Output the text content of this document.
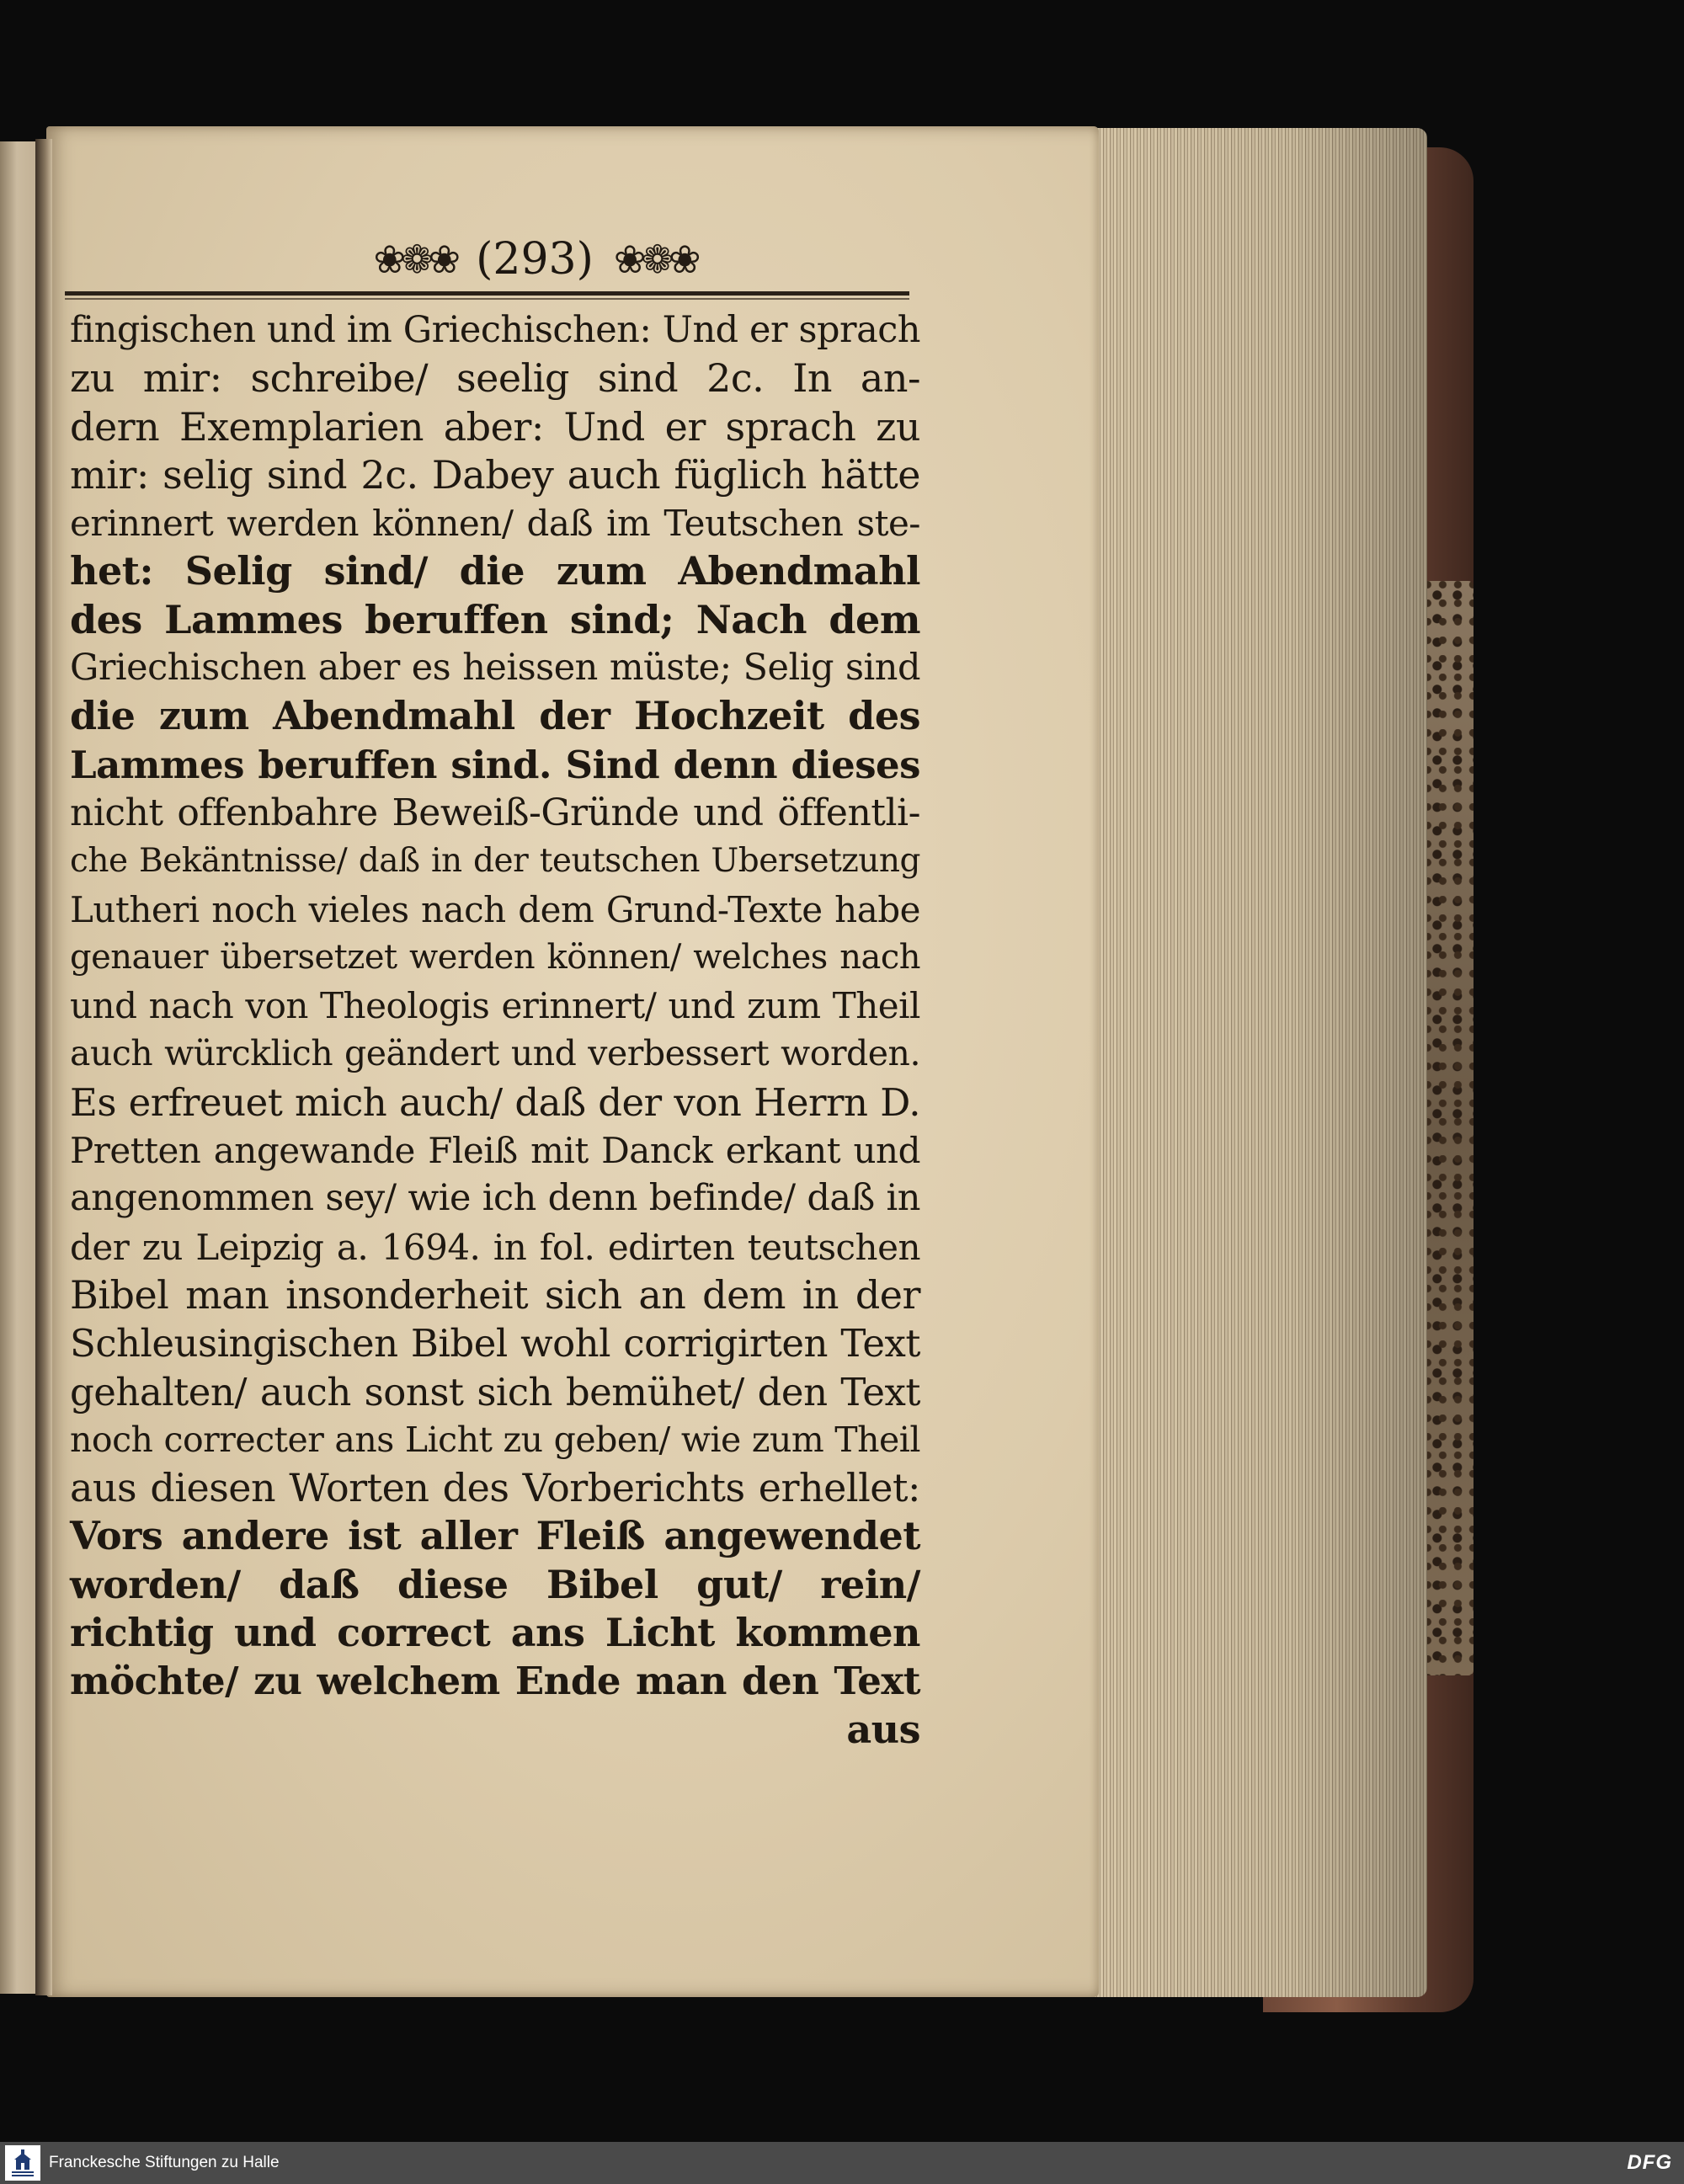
❀❁❀ (293) ❀❁❀
fingischen und im Griechischen: Und er sprach
zu mir: schreibe/ seelig sind 2c. In an-
dern Exemplarien aber: Und er sprach zu
mir: selig sind 2c. Dabey auch füglich hätte
erinnert werden können/ daß im Teutschen ste-
het: Selig sind/ die zum Abendmahl
des Lammes beruffen sind; Nach dem
Griechischen aber es heissen müste; Selig sind
die zum Abendmahl der Hochzeit des
Lammes beruffen sind. Sind denn dieses
nicht offenbahre Beweiß-Gründe und öffentli-
che Bekäntnisse/ daß in der teutschen Ubersetzung
Lutheri noch vieles nach dem Grund-Texte habe
genauer übersetzet werden können/ welches nach
und nach von Theologis erinnert/ und zum Theil
auch würcklich geändert und verbessert worden.
Es erfreuet mich auch/ daß der von Herrn D.
Pretten angewande Fleiß mit Danck erkant und
angenommen sey/ wie ich denn befinde/ daß in
der zu Leipzig a. 1694. in fol. edirten teutschen
Bibel man insonderheit sich an dem in der
Schleusingischen Bibel wohl corrigirten Text
gehalten/ auch sonst sich bemühet/ den Text
noch correcter ans Licht zu geben/ wie zum Theil
aus diesen Worten des Vorberichts erhellet:
Vors andere ist aller Fleiß angewendet
worden/ daß diese Bibel gut/ rein/
richtig und correct ans Licht kommen
möchte/ zu welchem Ende man den Text
aus
Franckesche Stiftungen zu Halle	DFG
